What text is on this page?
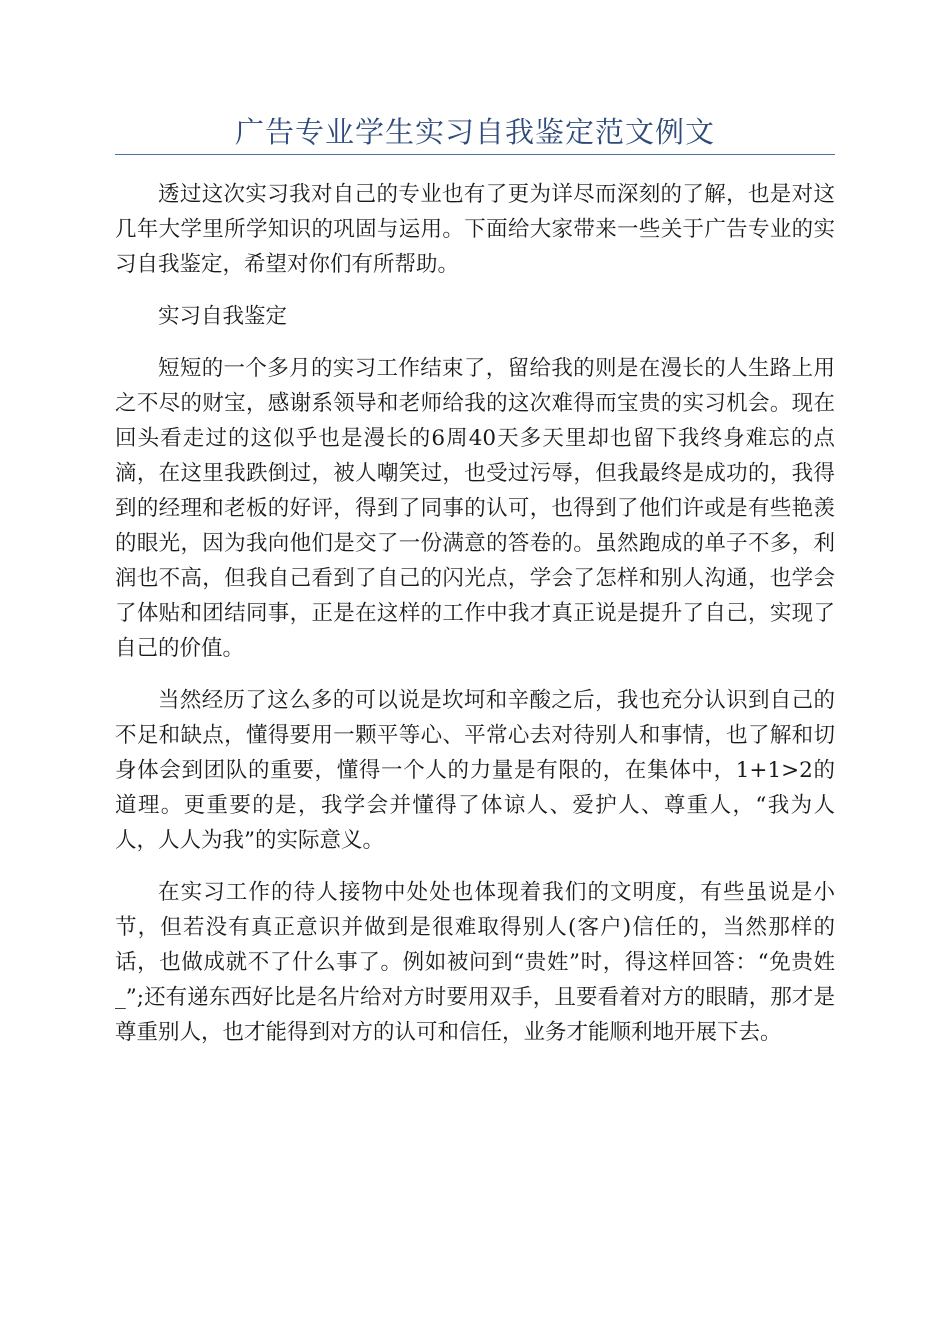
广告专业学生实习自我鉴定范文例文

透过这次实习我对自己的专业也有了更为详尽而深刻的了解，也是对这几年大学里所学知识的巩固与运用。下面给大家带来一些关于广告专业的实习自我鉴定，希望对你们有所帮助。

实习自我鉴定

短短的一个多月的实习工作结束了，留给我的则是在漫长的人生路上用之不尽的财宝，感谢系领导和老师给我的这次难得而宝贵的实习机会。现在回头看走过的这似乎也是漫长的6周40天多天里却也留下我终身难忘的点滴，在这里我跌倒过，被人嘲笑过，也受过污辱，但我最终是成功的，我得到的经理和老板的好评，得到了同事的认可，也得到了他们许或是有些艳羡的眼光，因为我向他们是交了一份满意的答卷的。虽然跑成的单子不多，利润也不高，但我自己看到了自己的闪光点，学会了怎样和别人沟通，也学会了体贴和团结同事，正是在这样的工作中我才真正说是提升了自己，实现了自己的价值。

当然经历了这么多的可以说是坎坷和辛酸之后，我也充分认识到自己的不足和缺点，懂得要用一颗平等心、平常心去对待别人和事情，也了解和切身体会到团队的重要，懂得一个人的力量是有限的，在集体中，1+1>2的道理。更重要的是，我学会并懂得了体谅人、爱护人、尊重人，“我为人人，人人为我”的实际意义。

在实习工作的待人接物中处处也体现着我们的文明度，有些虽说是小节，但若没有真正意识并做到是很难取得别人(客户)信任的，当然那样的话，也做成就不了什么事了。例如被问到“贵姓”时，得这样回答：“免贵姓_”;还有递东西好比是名片给对方时要用双手，且要看着对方的眼睛，那才是尊重别人，也才能得到对方的认可和信任，业务才能顺利地开展下去。
